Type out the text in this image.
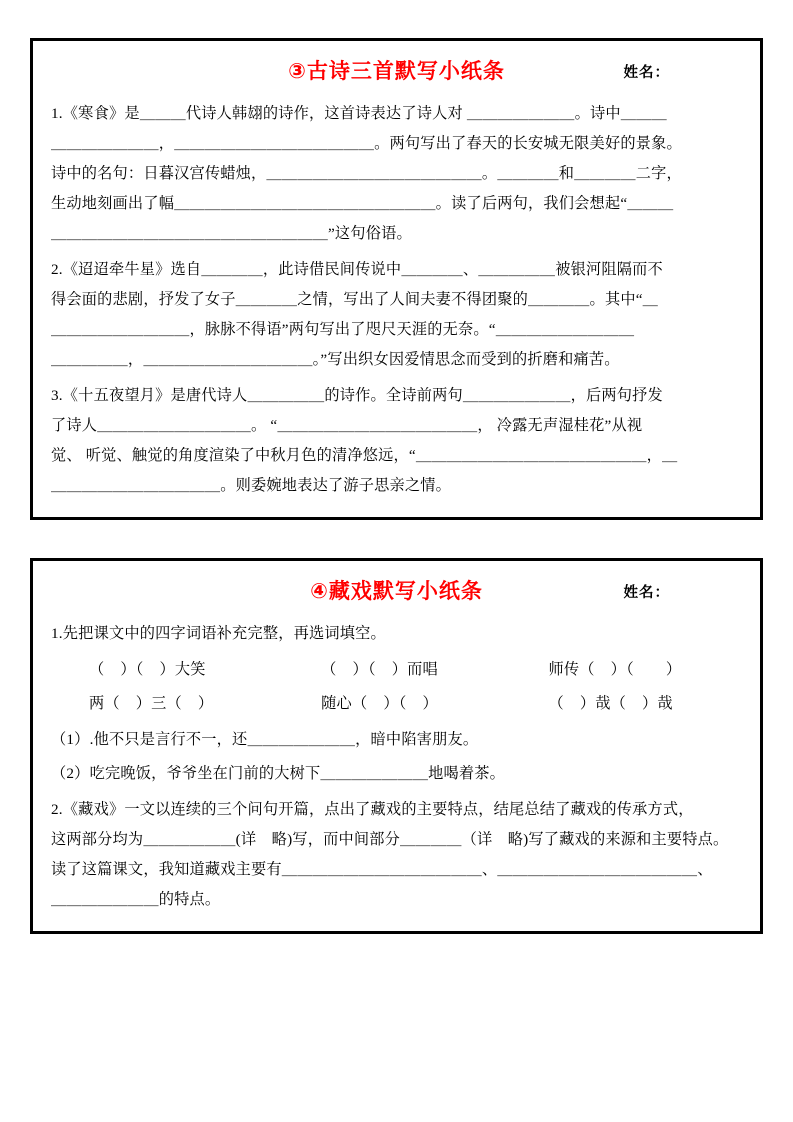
③古诗三首默写小纸条	姓名：
1.《寒食》是＿＿＿代诗人韩翃的诗作，这首诗表达了诗人对 ＿＿＿＿＿＿＿。诗中＿＿＿
＿＿＿＿＿＿＿，＿＿＿＿＿＿＿＿＿＿＿＿＿。两句写出了春天的长安城无限美好的景象。
诗中的名句：日暮汉宫传蜡烛，＿＿＿＿＿＿＿＿＿＿＿＿＿＿。＿＿＿＿和＿＿＿＿二字，
生动地刻画出了幅＿＿＿＿＿＿＿＿＿＿＿＿＿＿＿＿＿。读了后两句，我们会想起“＿＿＿
＿＿＿＿＿＿＿＿＿＿＿＿＿＿＿＿＿＿”这句俗语。
2.《迢迢牵牛星》选自＿＿＿＿，此诗借民间传说中＿＿＿＿、＿＿＿＿＿被银河阻隔而不
得会面的悲剧，抒发了女子＿＿＿＿之情，写出了人间夫妻不得团聚的＿＿＿＿。其中“＿
＿＿＿＿＿＿＿＿＿，脉脉不得语”两句写出了咫尺天涯的无奈。“＿＿＿＿＿＿＿＿＿
＿＿＿＿＿，＿＿＿＿＿＿＿＿＿＿＿。”写出织女因爱情思念而受到的折磨和痛苦。
3.《十五夜望月》是唐代诗人＿＿＿＿＿的诗作。全诗前两句＿＿＿＿＿＿＿，后两句抒发
了诗人＿＿＿＿＿＿＿＿＿＿。 “＿＿＿＿＿＿＿＿＿＿＿＿＿， 冷露无声湿桂花”从视
觉、 听觉、触觉的角度渲染了中秋月色的清净悠远，“＿＿＿＿＿＿＿＿＿＿＿＿＿＿＿，＿
＿＿＿＿＿＿＿＿＿＿＿。则委婉地表达了游子思亲之情。
④藏戏默写小纸条	姓名：
1.先把课文中的四字词语补充完整，再选词填空。
（    ）（    ）大笑	（    ）（    ）而唱	师传（    ）（        ）
两（    ）三（    ）	随心（    ）（    ）	（    ）哉（    ）哉
（1）.他不只是言行不一，还＿＿＿＿＿＿＿，暗中陷害朋友。
（2）吃完晚饭，爷爷坐在门前的大树下＿＿＿＿＿＿＿地喝着茶。
2.《藏戏》一文以连续的三个问句开篇，点出了藏戏的主要特点，结尾总结了藏戏的传承方式，
这两部分均为＿＿＿＿＿＿(详　略)写，而中间部分＿＿＿＿（详　略)写了藏戏的来源和主要特点。
读了这篇课文，我知道藏戏主要有＿＿＿＿＿＿＿＿＿＿＿＿＿、＿＿＿＿＿＿＿＿＿＿＿＿＿、
＿＿＿＿＿＿＿的特点。
